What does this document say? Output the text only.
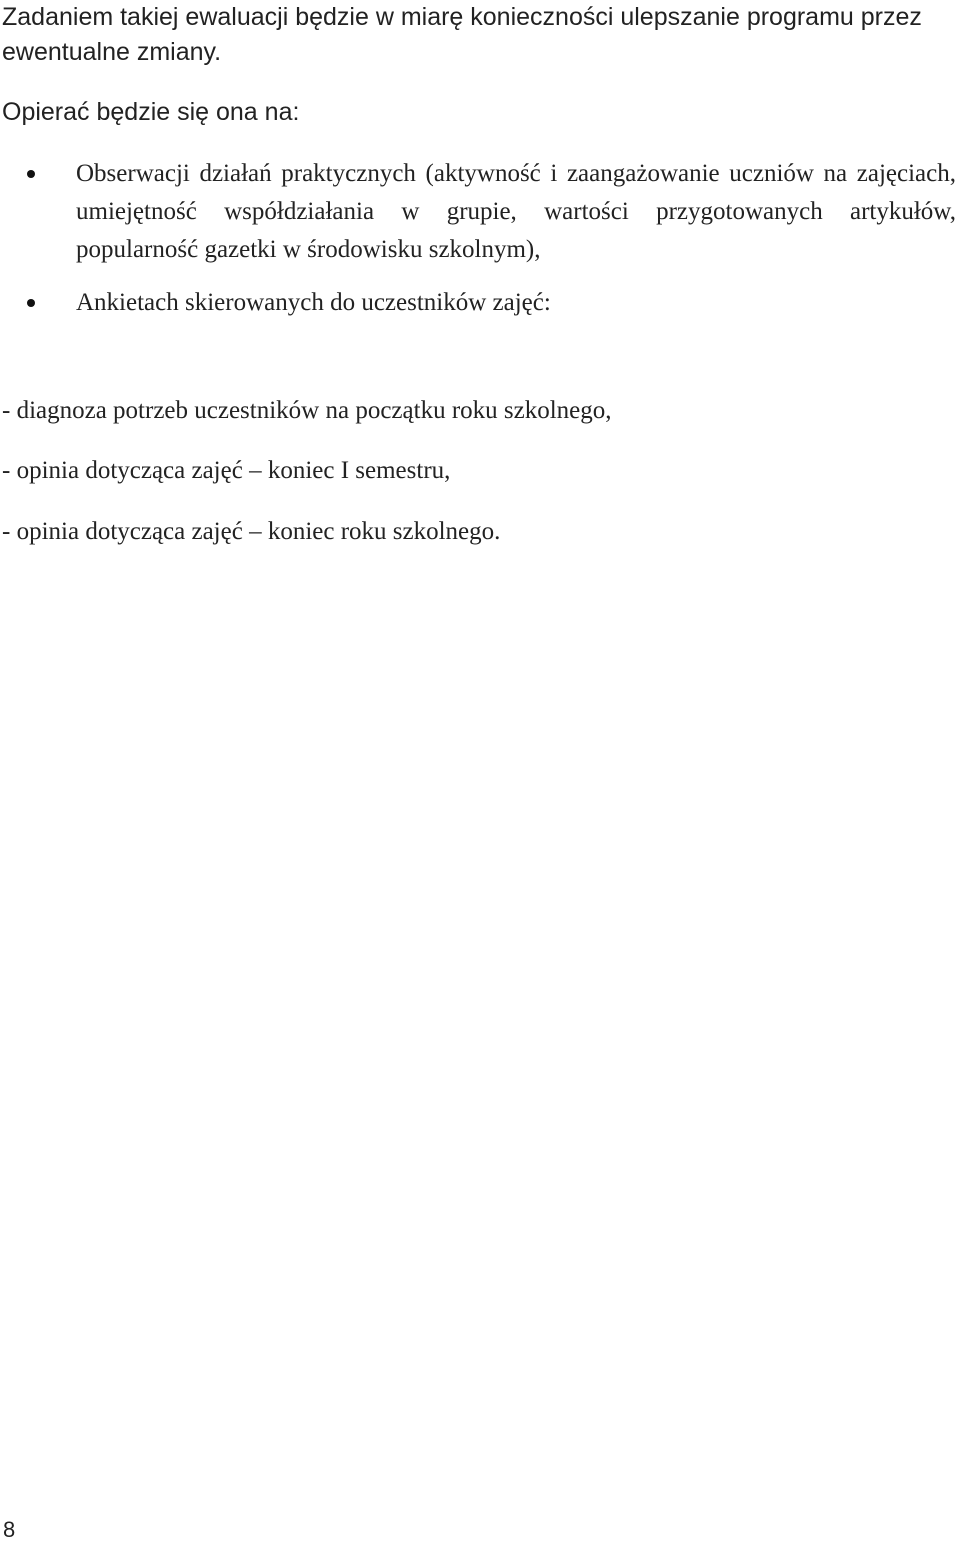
Zadaniem takiej ewaluacji będzie w miarę konieczności ulepszanie programu przez ewentualne zmiany.

Opierać będzie się ona na:

Obserwacji działań praktycznych (aktywność i zaangażowanie uczniów na zajęciach, umiejętność współdziałania w grupie, wartości przygotowanych artykułów, popularność gazetki w środowisku szkolnym),
Ankietach skierowanych do uczestników zajęć:
- diagnoza potrzeb uczestników na początku roku szkolnego,
- opinia dotycząca zajęć – koniec I semestru,
- opinia dotycząca zajęć – koniec roku szkolnego.
8
